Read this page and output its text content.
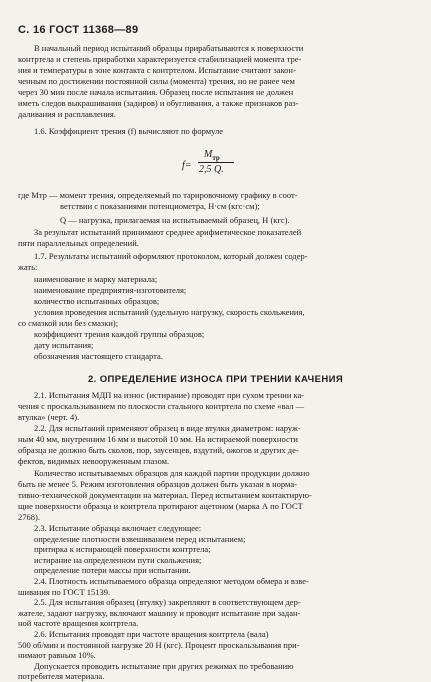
С. 16 ГОСТ 11368—89
В начальный период испытаний образцы прирабатываются к поверхности
контртела и степень приработки характеризуется стабилизацией момента тре-
ния и температуры в зоне контакта с контртелом. Испытание считают закон-
ченным по достижении постоянной силы (момента) трения, но не ранее чем
через 30 мин после начала испытания. Образец после испытания не должен
иметь следов выкрашивания (задиров) и обугливания, а также признаков раз-
даливания и расплавления.
1.6. Коэффициент трения (f) вычисляют по формуле
f=
$M_{тр}$
2,5 Q.
где Mтр — момент трения, определяемый по тарировочному графику в соот-
ветствии с показаниями потенциометра, Н·см (кгс·см);
Q — нагрузка, прилагаемая на испытываемый образец, Н (кгс).
За результат испытаний принимают среднее арифметическое показателей
пяти параллельных определений.
1.7. Результаты испытаний оформляют протоколом, который должен содер-
жать:
наименование и марку материала;
наименование предприятия-изготовителя;
количество испытанных образцов;
условия проведения испытаний (удельную нагрузку, скорость скольжения,
со смазкой или без смазки);
коэффициент трения каждой группы образцов;
дату испытания;
обозначения настоящего стандарта.
2. ОПРЕДЕЛЕНИЕ ИЗНОСА ПРИ ТРЕНИИ КАЧЕНИЯ
2.1. Испытания МДП на износ (истирание) проводят при сухом трении ка-
чения с проскальзыванием по плоскости стального контртела по схеме «вал —
втулка» (черт. 4).
2.2. Для испытаний применяют образец в виде втулки диаметром: наруж-
ным 40 мм, внутренним 16 мм и высотой 10 мм. На истираемой поверхности
образца не должно быть сколов, пор, заусенцев, вздутий, ожогов и других де-
фектов, видимых невооруженным глазом.
Количество испытываемых образцов для каждой партии продукции должно
быть не менее 5. Режим изготовления образцов должен быть указан в норма-
тивно-технической документации на материал. Перед испытанием контактирую-
щие поверхности образца и контртела протирают ацетоном (марка А по ГОСТ
2768).
2.3. Испытание образца включает следующее:
определение плотности взвешиванием перед испытанием;
притирка к истирающей поверхности контртела;
истирание на определенном пути скольжения;
определение потери массы при испытании.
2.4. Плотность испытываемого образца определяют методом обмера и взве-
шивания по ГОСТ 15139.
2.5. Для испытания образец (втулку) закрепляют в соответствующем дер-
жателе, задают нагрузку, включают машину и проводят испытание при задан-
ной частоте вращения контртела.
2.6. Испытания проводят при частоте вращения контртела (вала)
500 об/мин и постоянной нагрузке 20 Н (кгс). Процент проскальзывания при-
нимают равным 10%.
Допускается проводить испытание при других режимах по требованию
потребителя материала.
